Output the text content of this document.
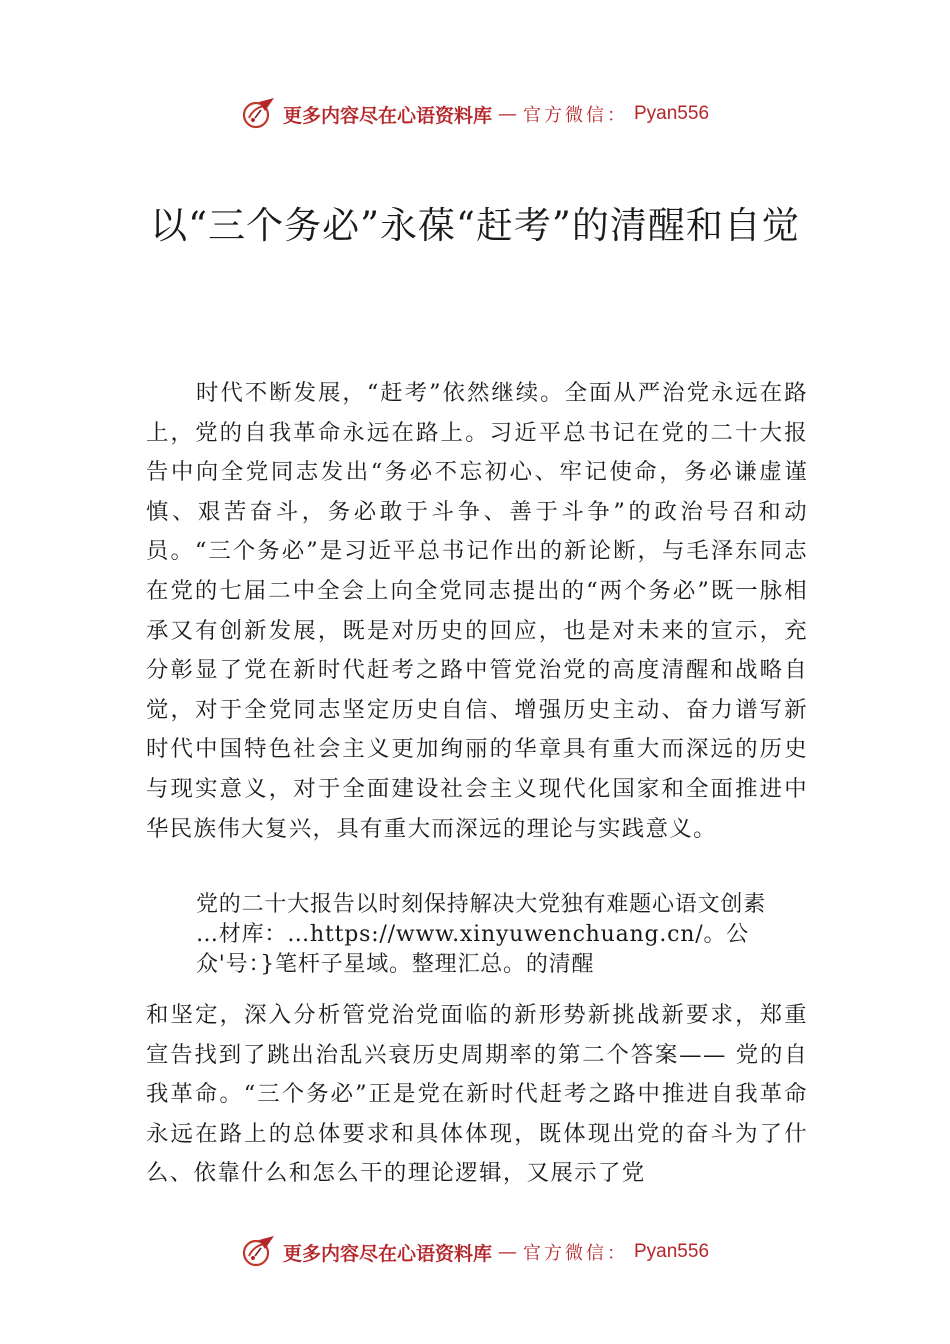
更多内容尽在心语资料库 — 官方微信： Pyan556
以“三个务必”永葆“赶考”的清醒和自觉

时代不断发展，“赶考”依然继续。全面从严治党永远在路上，党的自我革命永远在路上。习近平总书记在党的二十大报告中向全党同志发出“务必不忘初心、牢记使命，务必谦虚谨慎、艰苦奋斗，务必敢于斗争、善于斗争”的政治号召和动员。“三个务必”是习近平总书记作出的新论断，与毛泽东同志在党的七届二中全会上向全党同志提出的“两个务必”既一脉相承又有创新发展，既是对历史的回应，也是对未来的宣示，充分彰显了党在新时代赶考之路中管党治党的高度清醒和战略自觉，对于全党同志坚定历史自信、增强历史主动、奋力谱写新时代中国特色社会主义更加绚丽的华章具有重大而深远的历史与现实意义，对于全面建设社会主义现代化国家和全面推进中华民族伟大复兴，具有重大而深远的理论与实践意义。

党的二十大报告以时刻保持解决大党独有难题心语文创素
…材库：…https://www.xinyuwenchuang.cn/。公
众'号：}笔杆子星域。整理汇总。的清醒

和坚定，深入分析管党治党面临的新形势新挑战新要求，郑重宣告找到了跳出治乱兴衰历史周期率的第二个答案—— 党的自我革命。“三个务必”正是党在新时代赶考之路中推进自我革命永远在路上的总体要求和具体体现，既体现出党的奋斗为了什么、依靠什么和怎么干的理论逻辑，又展示了党

更多内容尽在心语资料库 — 官方微信： Pyan556
